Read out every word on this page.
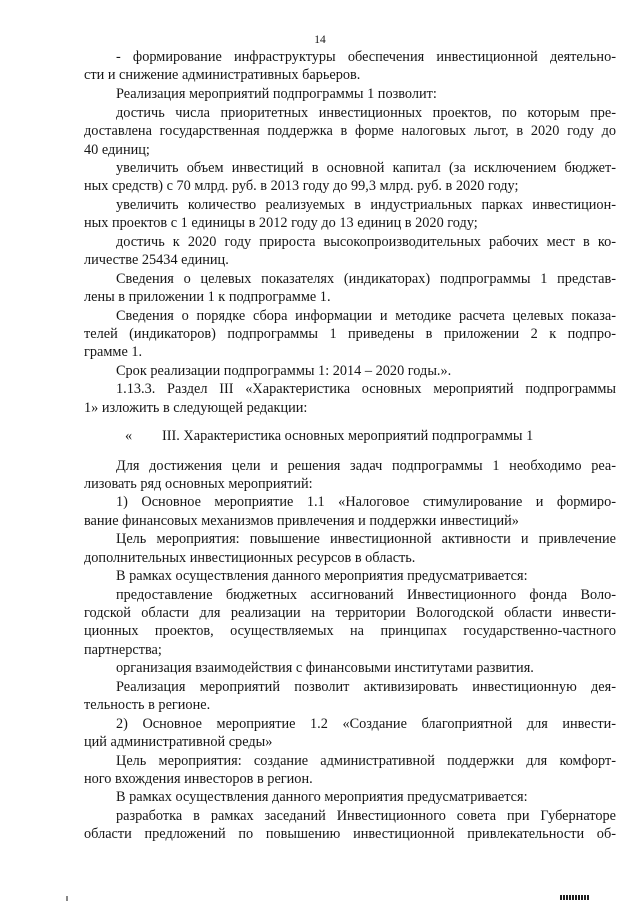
14
- формирование инфраструктуры обеспечения инвестиционной деятельно-
сти и снижение административных барьеров.
Реализация мероприятий подпрограммы 1 позволит:
достичь числа приоритетных инвестиционных проектов, по которым пре-
доставлена государственная поддержка в форме налоговых льгот, в 2020 году до
40 единиц;
увеличить объем инвестиций в основной капитал (за исключением бюджет-
ных средств) с 70 млрд. руб. в 2013 году до 99,3 млрд. руб. в 2020 году;
увеличить количество реализуемых в индустриальных парках инвестицион-
ных проектов с 1 единицы в 2012 году до 13 единиц в 2020 году;
достичь к 2020 году прироста высокопроизводительных рабочих мест в ко-
личестве 25434 единиц.
Сведения о целевых показателях (индикаторах) подпрограммы 1 представ-
лены в приложении 1 к подпрограмме 1.
Сведения о порядке сбора информации и методике расчета целевых показа-
телей (индикаторов) подпрограммы 1 приведены в приложении 2 к подпро-
грамме 1.
Срок реализации подпрограммы 1: 2014 – 2020 годы.».
1.13.3. Раздел III «Характеристика основных мероприятий подпрограммы
1» изложить в следующей редакции:
« III. Характеристика основных мероприятий подпрограммы 1
Для достижения цели и решения задач подпрограммы 1 необходимо реа-
лизовать ряд основных мероприятий:
1) Основное мероприятие 1.1 «Налоговое стимулирование и формиро-
вание финансовых механизмов привлечения и поддержки инвестиций»
Цель мероприятия: повышение инвестиционной активности и привлечение
дополнительных инвестиционных ресурсов в область.
В рамках осуществления данного мероприятия предусматривается:
предоставление бюджетных ассигнований Инвестиционного фонда Воло-
годской области для реализации на территории Вологодской области инвести-
ционных проектов, осуществляемых на принципах государственно-частного
партнерства;
организация взаимодействия с финансовыми институтами развития.
Реализация мероприятий позволит активизировать инвестиционную дея-
тельность в регионе.
2) Основное мероприятие 1.2 «Создание благоприятной для инвести-
ций административной среды»
Цель мероприятия: создание административной поддержки для комфорт-
ного вхождения инвесторов в регион.
В рамках осуществления данного мероприятия предусматривается:
разработка в рамках заседаний Инвестиционного совета при Губернаторе
области предложений по повышению инвестиционной привлекательности об-
